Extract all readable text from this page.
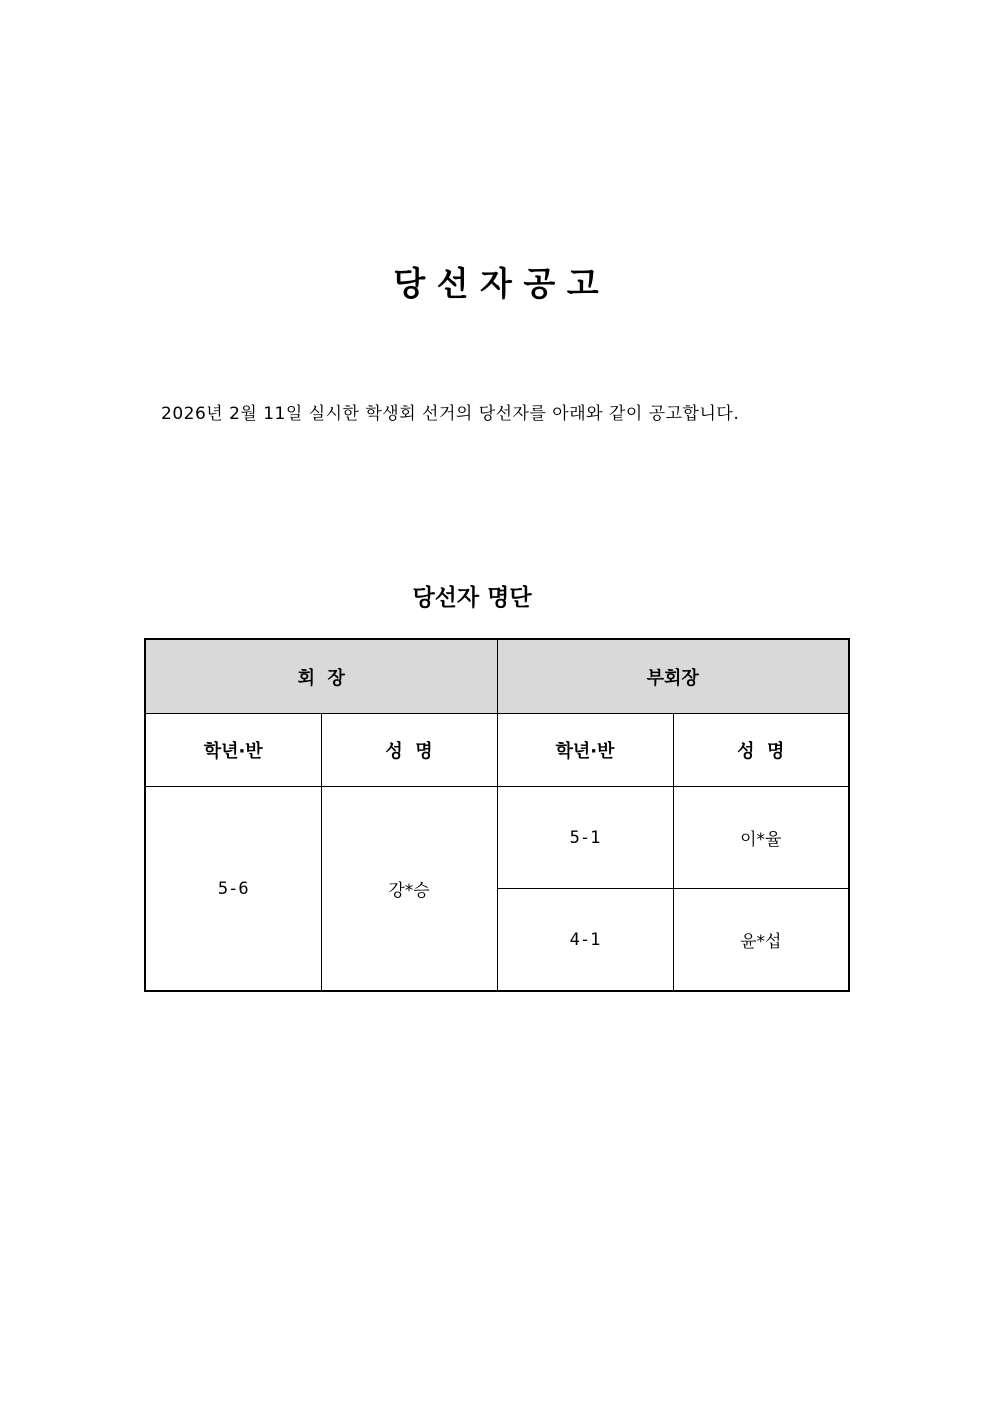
당 선 자 공 고
2026년 2월 11일 실시한 학생회 선거의 당선자를 아래와 같이 공고합니다.
당선자 명단
회  장		부회장	
학년·반	성  명	학년·반	성  명
5-6	강*승	5-1	이*율
		4-1	윤*섭
